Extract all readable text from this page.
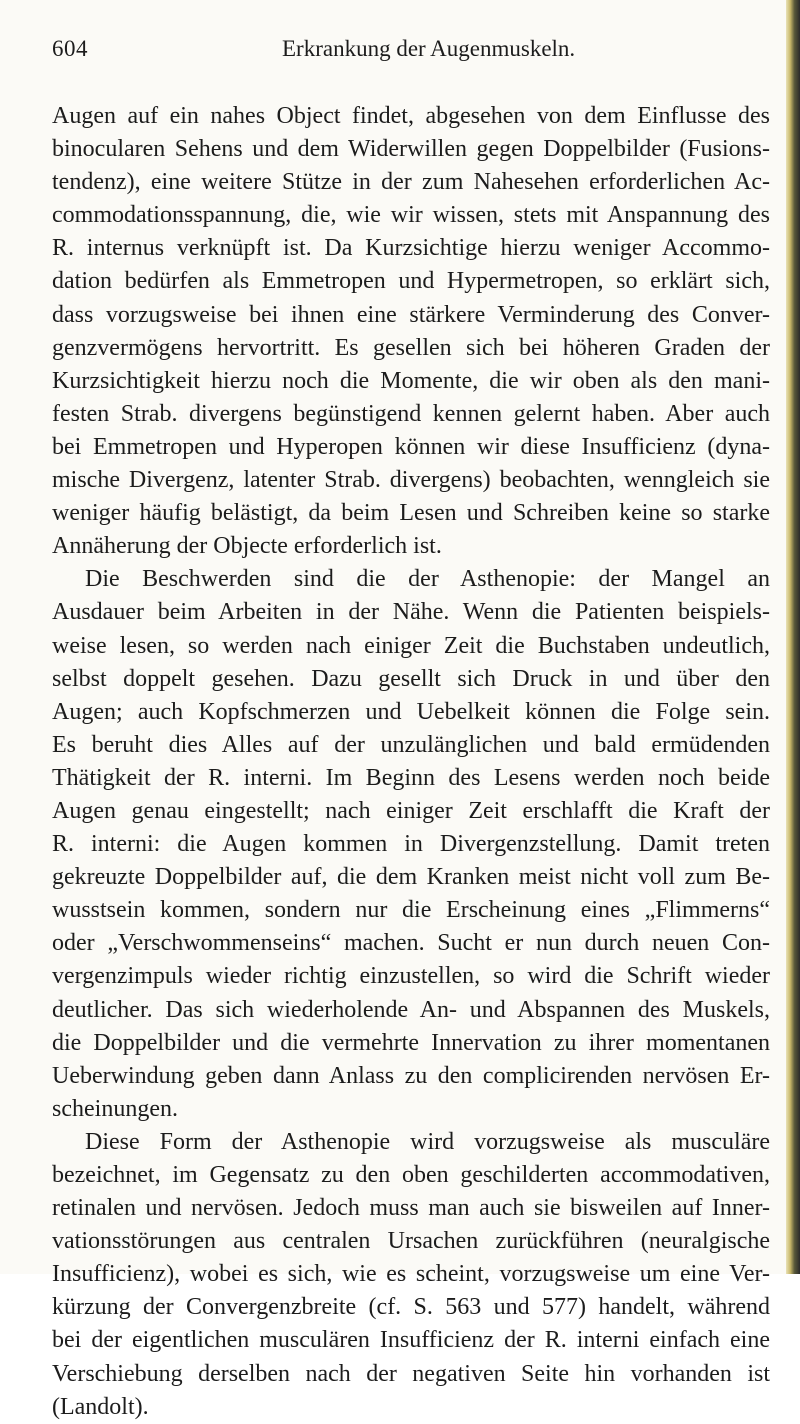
604	Erkrankung der Augenmuskeln.
Augen auf ein nahes Object findet, abgesehen von dem Einflusse des
binocularen Sehens und dem Widerwillen gegen Doppelbilder (Fusions-
tendenz), eine weitere Stütze in der zum Nahesehen erforderlichen Ac-
commodationsspannung, die, wie wir wissen, stets mit Anspannung des
R. internus verknüpft ist. Da Kurzsichtige hierzu weniger Accommo-
dation bedürfen als Emmetropen und Hypermetropen, so erklärt sich,
dass vorzugsweise bei ihnen eine stärkere Verminderung des Conver-
genzvermögens hervortritt. Es gesellen sich bei höheren Graden der
Kurzsichtigkeit hierzu noch die Momente, die wir oben als den mani-
festen Strab. divergens begünstigend kennen gelernt haben. Aber auch
bei Emmetropen und Hyperopen können wir diese Insufficienz (dyna-
mische Divergenz, latenter Strab. divergens) beobachten, wenngleich sie
weniger häufig belästigt, da beim Lesen und Schreiben keine so starke
Annäherung der Objecte erforderlich ist.
Die Beschwerden sind die der Asthenopie: der Mangel an
Ausdauer beim Arbeiten in der Nähe. Wenn die Patienten beispiels-
weise lesen, so werden nach einiger Zeit die Buchstaben undeutlich,
selbst doppelt gesehen. Dazu gesellt sich Druck in und über den
Augen; auch Kopfschmerzen und Uebelkeit können die Folge sein.
Es beruht dies Alles auf der unzulänglichen und bald ermüdenden
Thätigkeit der R. interni. Im Beginn des Lesens werden noch beide
Augen genau eingestellt; nach einiger Zeit erschlafft die Kraft der
R. interni: die Augen kommen in Divergenzstellung. Damit treten
gekreuzte Doppelbilder auf, die dem Kranken meist nicht voll zum Be-
wusstsein kommen, sondern nur die Erscheinung eines „Flimmerns“
oder „Verschwommenseins“ machen. Sucht er nun durch neuen Con-
vergenzimpuls wieder richtig einzustellen, so wird die Schrift wieder
deutlicher. Das sich wiederholende An- und Abspannen des Muskels,
die Doppelbilder und die vermehrte Innervation zu ihrer momentanen
Ueberwindung geben dann Anlass zu den complicirenden nervösen Er-
scheinungen.
Diese Form der Asthenopie wird vorzugsweise als musculäre
bezeichnet, im Gegensatz zu den oben geschilderten accommodativen,
retinalen und nervösen. Jedoch muss man auch sie bisweilen auf Inner-
vationsstörungen aus centralen Ursachen zurückführen (neuralgische
Insufficienz), wobei es sich, wie es scheint, vorzugsweise um eine Ver-
kürzung der Convergenzbreite (cf. S. 563 und 577) handelt, während
bei der eigentlichen musculären Insufficienz der R. interni einfach eine
Verschiebung derselben nach der negativen Seite hin vorhanden ist
(Landolt).
